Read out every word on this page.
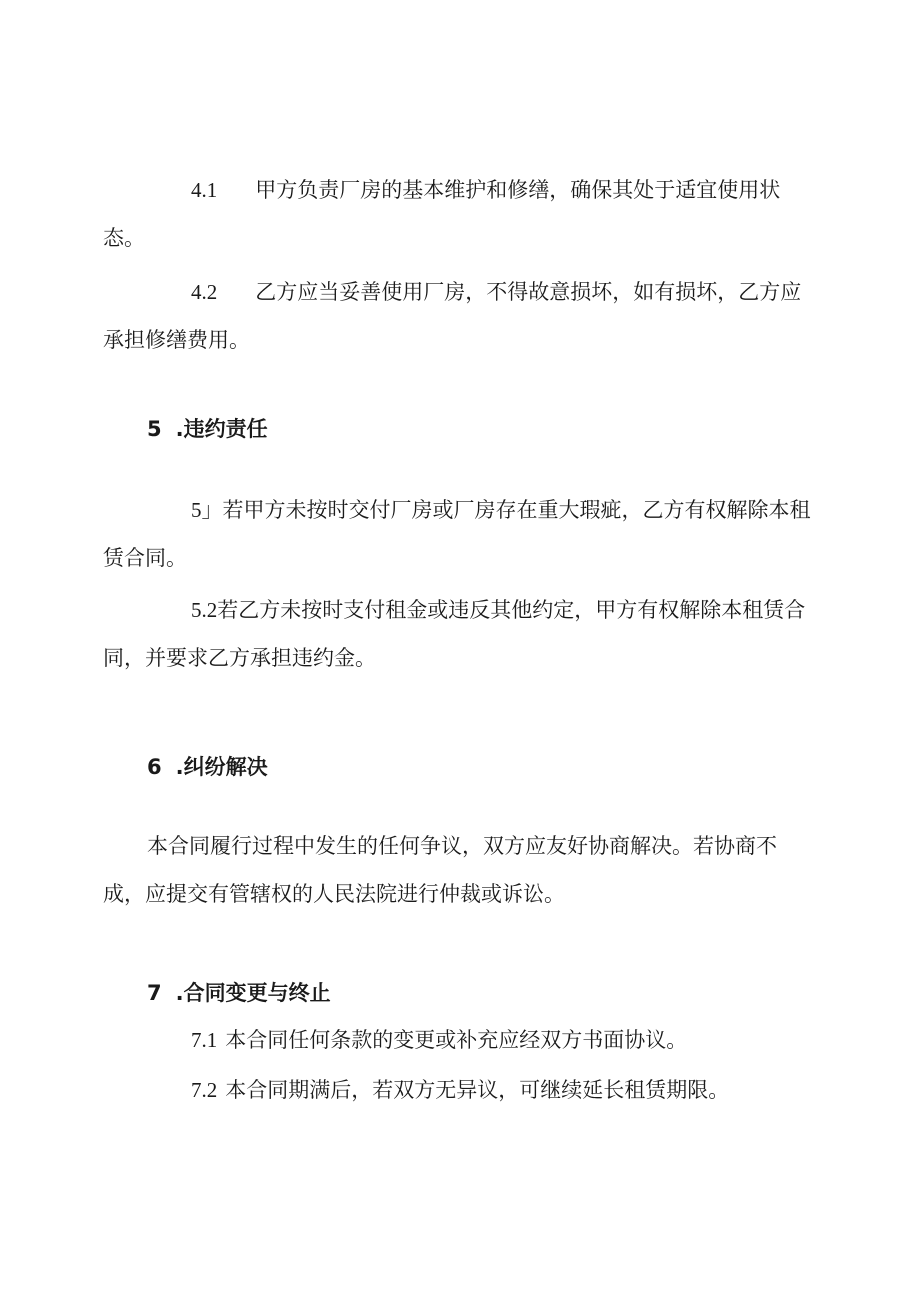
4.1 甲方负责厂房的基本维护和修缮，确保其处于适宜使用状态。

4.2 乙方应当妥善使用厂房，不得故意损坏，如有损坏，乙方应承担修缮费用。

5 .违约责任

5」若甲方未按时交付厂房或厂房存在重大瑕疵，乙方有权解除本租赁合同。

5.2若乙方未按时支付租金或违反其他约定，甲方有权解除本租赁合同，并要求乙方承担违约金。

6 .纠纷解决

本合同履行过程中发生的任何争议，双方应友好协商解决。若协商不成，应提交有管辖权的人民法院进行仲裁或诉讼。

7 .合同变更与终止

7.1 本合同任何条款的变更或补充应经双方书面协议。

7.2 本合同期满后，若双方无异议，可继续延长租赁期限。
